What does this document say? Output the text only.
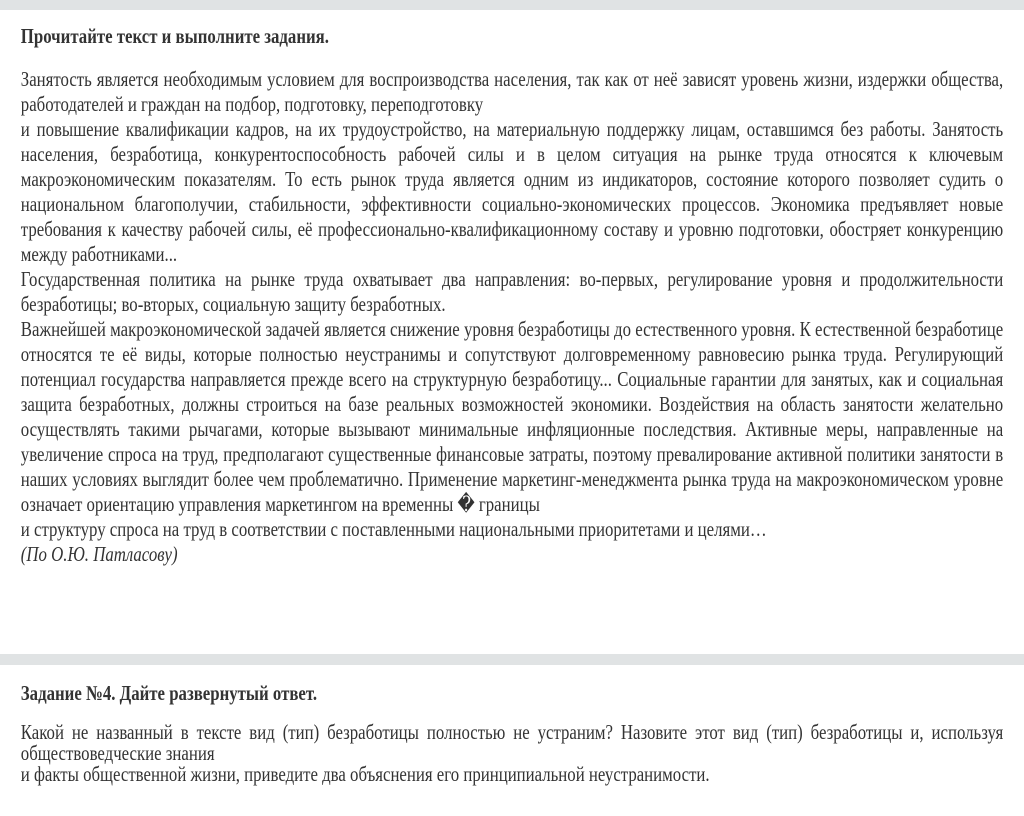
Прочитайте текст и выполните задания.

Занятость является необходимым условием для воспроизводства населения, так как от неё зависят уровень жизни, издержки общества, работодателей и граждан на подбор, подготовку, переподготовку
и повышение квалификации кадров, на их трудоустройство, на материальную поддержку лицам, оставшимся без работы. Занятость населения, безработица, конкурентоспособность рабочей силы и в целом ситуация на рынке труда относятся к ключевым макроэкономическим показателям. То есть рынок труда является одним из индикаторов, состояние которого позволяет судить о национальном благополучии, стабильности, эффективности социально-экономических процессов. Экономика предъявляет новые требования к качеству рабочей силы, её профессионально-квалификационному составу и уровню подготовки, обостряет конкуренцию между работниками...
Государственная политика на рынке труда охватывает два направления: во-первых, регулирование уровня и продолжительности безработицы; во-вторых, социальную защиту безработных.
Важнейшей макроэкономической задачей является снижение уровня безработицы до естественного уровня. К естественной безработице относятся те её виды, которые полностью неустранимы и сопутствуют долговременному равновесию рынка труда. Регулирующий потенциал государства направляется прежде всего на структурную безработицу... Социальные гарантии для занятых, как и социальная защита безработных, должны строиться на базе реальных возможностей экономики. Воздействия на область занятости желательно осуществлять такими рычагами, которые вызывают минимальные инфляционные последствия. Активные меры, направленные на увеличение спроса на труд, предполагают существенные финансовые затраты, поэтому превалирование активной политики занятости в наших условиях выглядит более чем проблематично. Применение маркетинг-менеджмента рынка труда на макроэкономическом уровне означает ориентацию управления маркетингом на временны � границы
и структуру спроса на труд в соответствии с поставленными национальными приоритетами и целями…
(По О.Ю. Патласову)

Задание №4. Дайте развернутый ответ.

Какой не названный в тексте вид (тип) безработицы полностью не устраним? Назовите этот вид (тип) безработицы и, используя обществоведческие знания
и факты общественной жизни, приведите два объяснения его принципиальной неустранимости.
